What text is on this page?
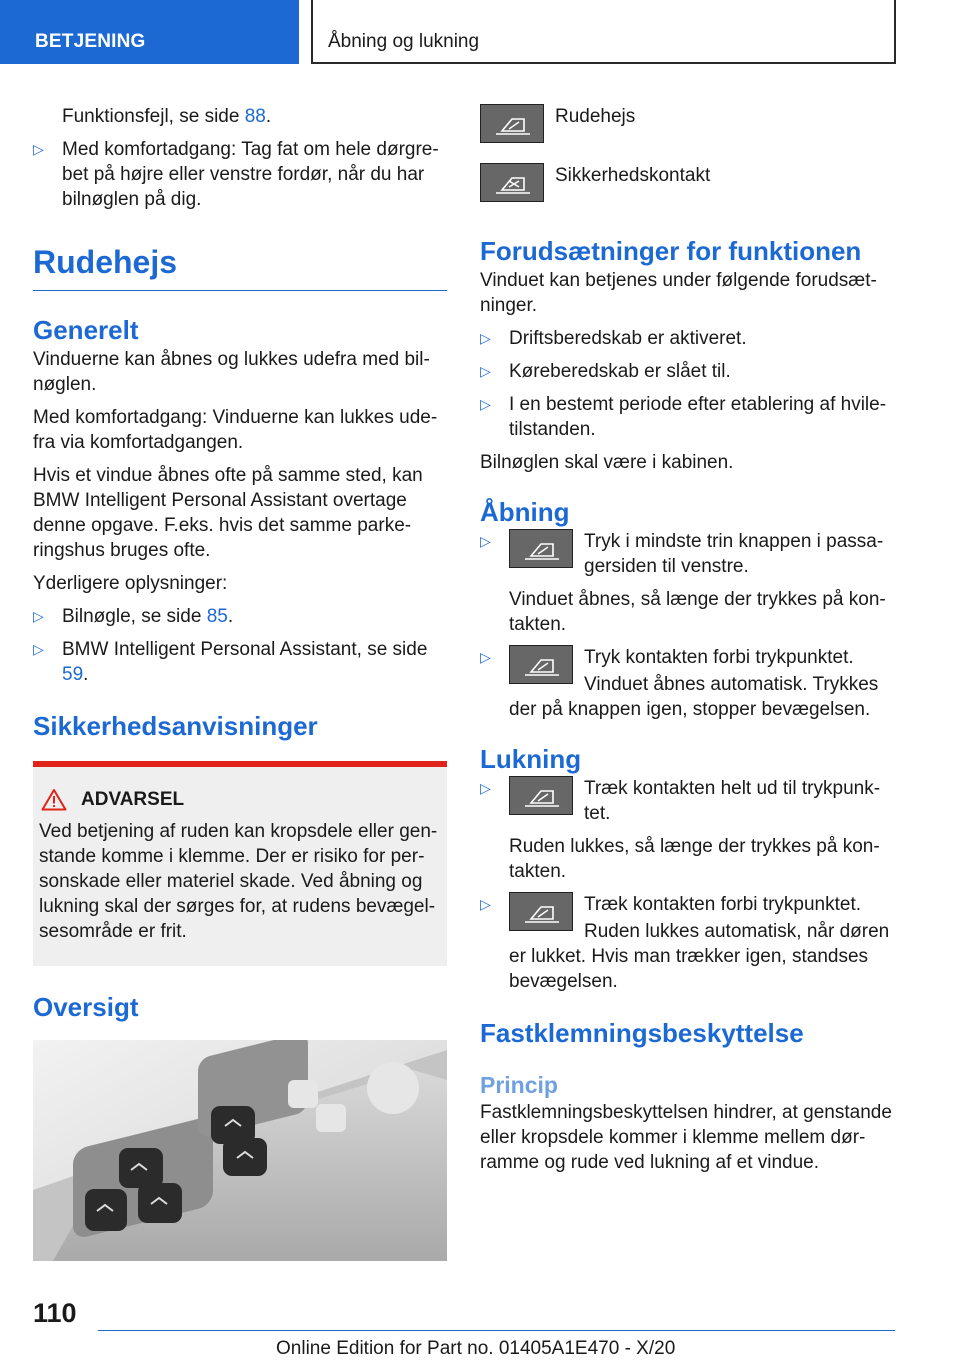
BETJENING	Åbning og lukning

Funktionsfejl, se side 88.

▷ Med komfortadgang: Tag fat om hele dørgrebet på højre eller venstre fordør, når du har bilnøglen på dig.
Rudehejs
Generelt

Vinduerne kan åbnes og lukkes udefra med bilnøglen.

Med komfortadgang: Vinduerne kan lukkes udefra via komfortadgangen.

Hvis et vindue åbnes ofte på samme sted, kan BMW Intelligent Personal Assistant overtage denne opgave. F.eks. hvis det samme parkeringshus bruges ofte.

Yderligere oplysninger:

▷ Bilnøgle, se side 85.
▷ BMW Intelligent Personal Assistant, se side 59.
Sikkerhedsanvisninger
ADVARSEL
Ved betjening af ruden kan kropsdele eller genstande komme i klemme. Der er risiko for personskade eller materiel skade. Ved åbning og lukning skal der sørges for, at rudens bevægelsesområde er frit.
Oversigt
Rudehejs
Sikkerhedskontakt
Forudsætninger for funktionen

Vinduet kan betjenes under følgende forudsætninger.

▷ Driftsberedskab er aktiveret.
▷ Køreberedskab er slået til.
▷ I en bestemt periode efter etablering af hviletilstanden.

Bilnøglen skal være i kabinen.

Åbning
▷	Tryk i mindste trin knappen i passagersiden til venstre.

Vinduet åbnes, så længe der trykkes på kontakten.

▷	Tryk kontakten forbi trykpunktet.

Vinduet åbnes automatisk. Trykkes der på knappen igen, stopper bevægelsen.

Lukning
▷	Træk kontakten helt ud til trykpunktet.

Ruden lukkes, så længe der trykkes på kontakten.

▷	Træk kontakten forbi trykpunktet.

Ruden lukkes automatisk, når døren er lukket. Hvis man trækker igen, standses bevægelsen.

Fastklemningsbeskyttelse
Princip

Fastklemningsbeskyttelsen hindrer, at genstande eller kropsdele kommer i klemme mellem dørramme og rude ved lukning af et vindue.

110
Online Edition for Part no. 01405A1E470 - X/20
